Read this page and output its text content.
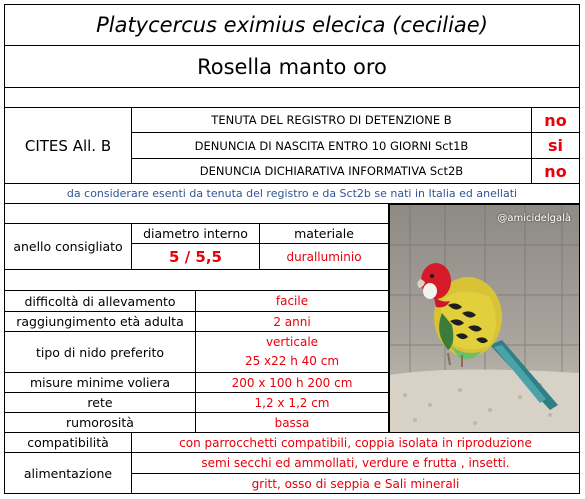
Platycercus eximius elecica (ceciliae)
Rosella manto oro
CITES All. B
TENUTA DEL REGISTRO DI DETENZIONE B	no
DENUNCIA DI NASCITA ENTRO 10 GIORNI Sct1B	si
DENUNCIA DICHIARATIVA INFORMATIVA Sct2B	no
da considerare esenti da tenuta del registro e da Sct2b se nati in Italia ed anellati
anello consigliato
diametro interno	materiale
5 / 5,5	duralluminio
difficoltà di allevamento	facile
raggiungimento età adulta	2 anni
tipo di nido preferito
verticale
25 x22 h 40 cm
misure minime voliera	200 x 100 h 200 cm
rete	1,2 x 1,2 cm
rumorosità	bassa
@amicidelgalà
compatibilità	con parrocchetti compatibili, coppia isolata in riproduzione
alimentazione
semi secchi ed ammollati, verdure e frutta , insetti.
gritt, osso di seppia e Sali minerali
